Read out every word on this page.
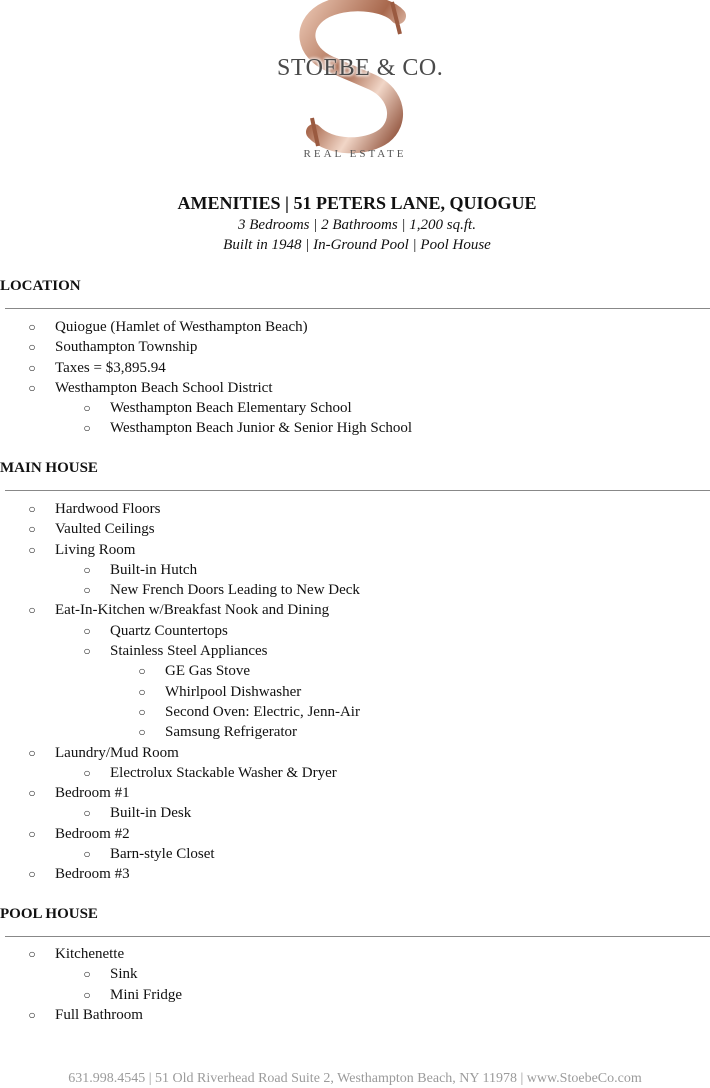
STOEBE & CO.
REAL ESTATE
AMENITIES | 51 PETERS LANE, QUIOGUE
3 Bedrooms | 2 Bathrooms | 1,200 sq.ft.
Built in 1948 | In-Ground Pool | Pool House
LOCATION
○ Quiogue (Hamlet of Westhampton Beach)
○ Southampton Township
○ Taxes = $3,895.94
○ Westhampton Beach School District
○ Westhampton Beach Elementary School
○ Westhampton Beach Junior & Senior High School
MAIN HOUSE
○ Hardwood Floors
○ Vaulted Ceilings
○ Living Room
○ Built-in Hutch
○ New French Doors Leading to New Deck
○ Eat-In-Kitchen w/Breakfast Nook and Dining
○ Quartz Countertops
○ Stainless Steel Appliances
○ GE Gas Stove
○ Whirlpool Dishwasher
○ Second Oven: Electric, Jenn-Air
○ Samsung Refrigerator
○ Laundry/Mud Room
○ Electrolux Stackable Washer & Dryer
○ Bedroom #1
○ Built-in Desk
○ Bedroom #2
○ Barn-style Closet
○ Bedroom #3
POOL HOUSE
○ Kitchenette
○ Sink
○ Mini Fridge
○ Full Bathroom
631.998.4545 | 51 Old Riverhead Road Suite 2, Westhampton Beach, NY 11978 | www.StoebeCo.com
